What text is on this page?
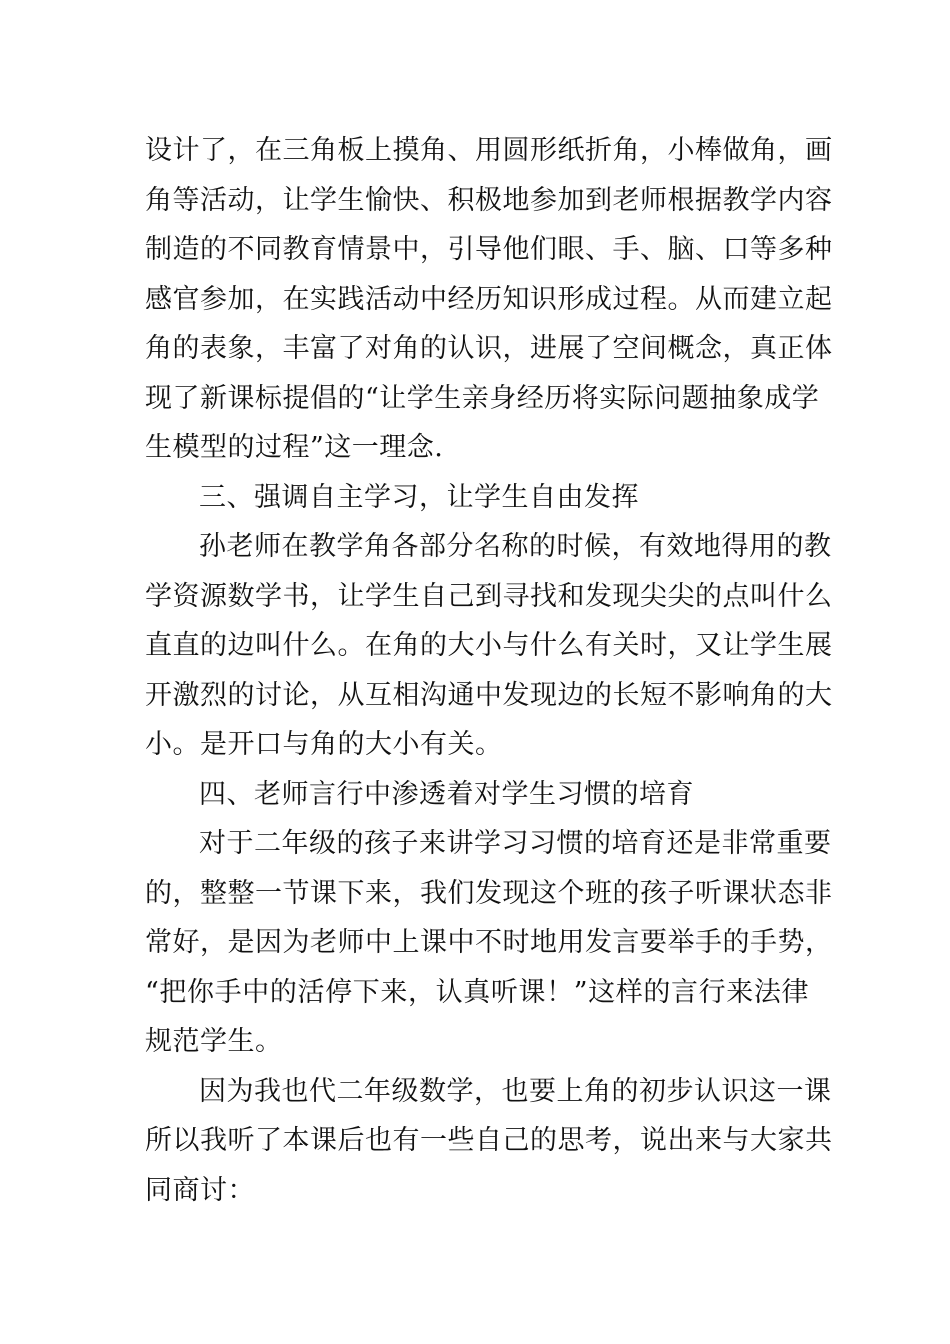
设计了，在三角板上摸角、用圆形纸折角，小棒做角，画
角等活动，让学生愉快、积极地参加到老师根据教学内容
制造的不同教育情景中，引导他们眼、手、脑、口等多种
感官参加，在实践活动中经历知识形成过程。从而建立起
角的表象，丰富了对角的认识，进展了空间概念，真正体
现了新课标提倡的“让学生亲身经历将实际问题抽象成学
生模型的过程”这一理念.
三、强调自主学习，让学生自由发挥
孙老师在教学角各部分名称的时候，有效地得用的教
学资源数学书，让学生自己到寻找和发现尖尖的点叫什么
直直的边叫什么。在角的大小与什么有关时，又让学生展
开激烈的讨论，从互相沟通中发现边的长短不影响角的大
小。是开口与角的大小有关。
四、老师言行中渗透着对学生习惯的培育
对于二年级的孩子来讲学习习惯的培育还是非常重要
的，整整一节课下来，我们发现这个班的孩子听课状态非
常好，是因为老师中上课中不时地用发言要举手的手势，
“把你手中的活停下来，认真听课！”这样的言行来法律
规范学生。
因为我也代二年级数学，也要上角的初步认识这一课
所以我听了本课后也有一些自己的思考，说出来与大家共
同商讨：
